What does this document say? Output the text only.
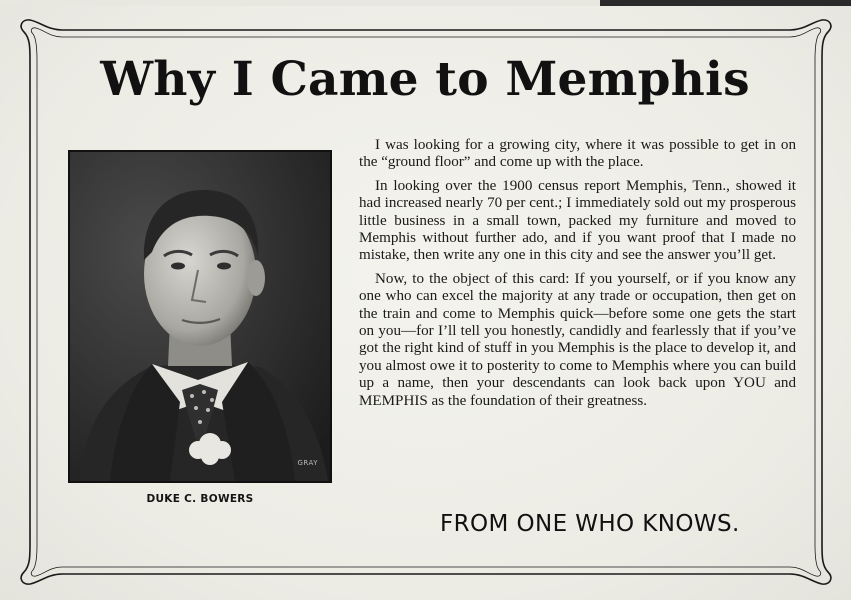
Why I Came to Memphis
GRAY
DUKE C. BOWERS

I was looking for a growing city, where it was possible to get in on the “ground floor” and come up with the place.

In looking over the 1900 census report Memphis, Tenn., showed it had increased nearly 70 per cent.; I immediately sold out my prosperous little business in a small town, packed my furniture and moved to Memphis without further ado, and if you want proof that I made no mistake, then write any one in this city and see the answer you’ll get.

Now, to the object of this card: If you yourself, or if you know any one who can excel the majority at any trade or occupation, then get on the train and come to Memphis quick—before some one gets the start on you—for I’ll tell you honestly, candidly and fearlessly that if you’ve got the right kind of stuff in you Memphis is the place to develop it, and you almost owe it to posterity to come to Memphis where you can build up a name, then your descendants can look back upon YOU and MEMPHIS as the foundation of their greatness.

FROM ONE WHO KNOWS.
